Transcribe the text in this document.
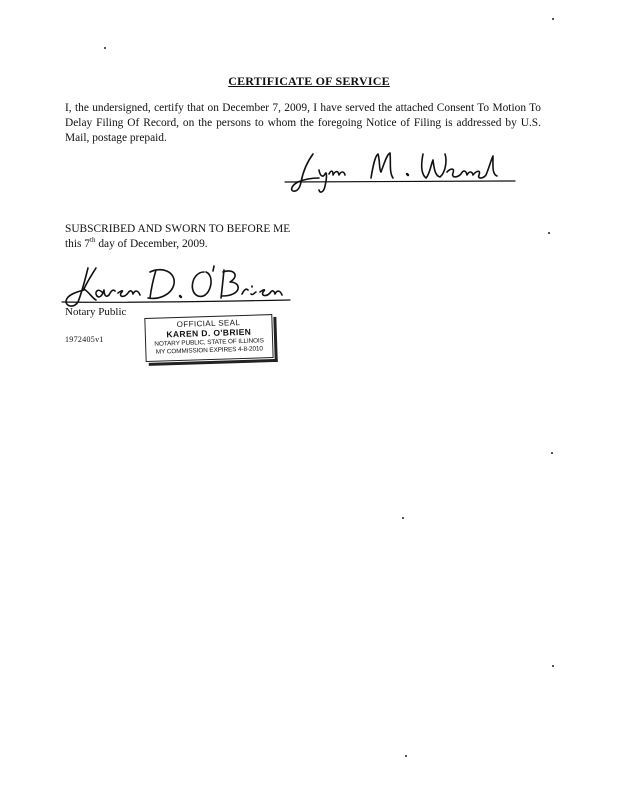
CERTIFICATE OF SERVICE
I, the undersigned, certify that on December 7, 2009, I have served the attached Consent To Motion To Delay Filing Of Record, on the persons to whom the foregoing Notice of Filing is addressed by U.S. Mail, postage prepaid.
SUBSCRIBED AND SWORN TO BEFORE ME
this 7th day of December, 2009.
Notary Public
1972405v1
OFFICIAL SEAL
KAREN D. O'BRIEN
NOTARY PUBLIC, STATE OF ILLINOIS
MY COMMISSION EXPIRES 4-8-2010
